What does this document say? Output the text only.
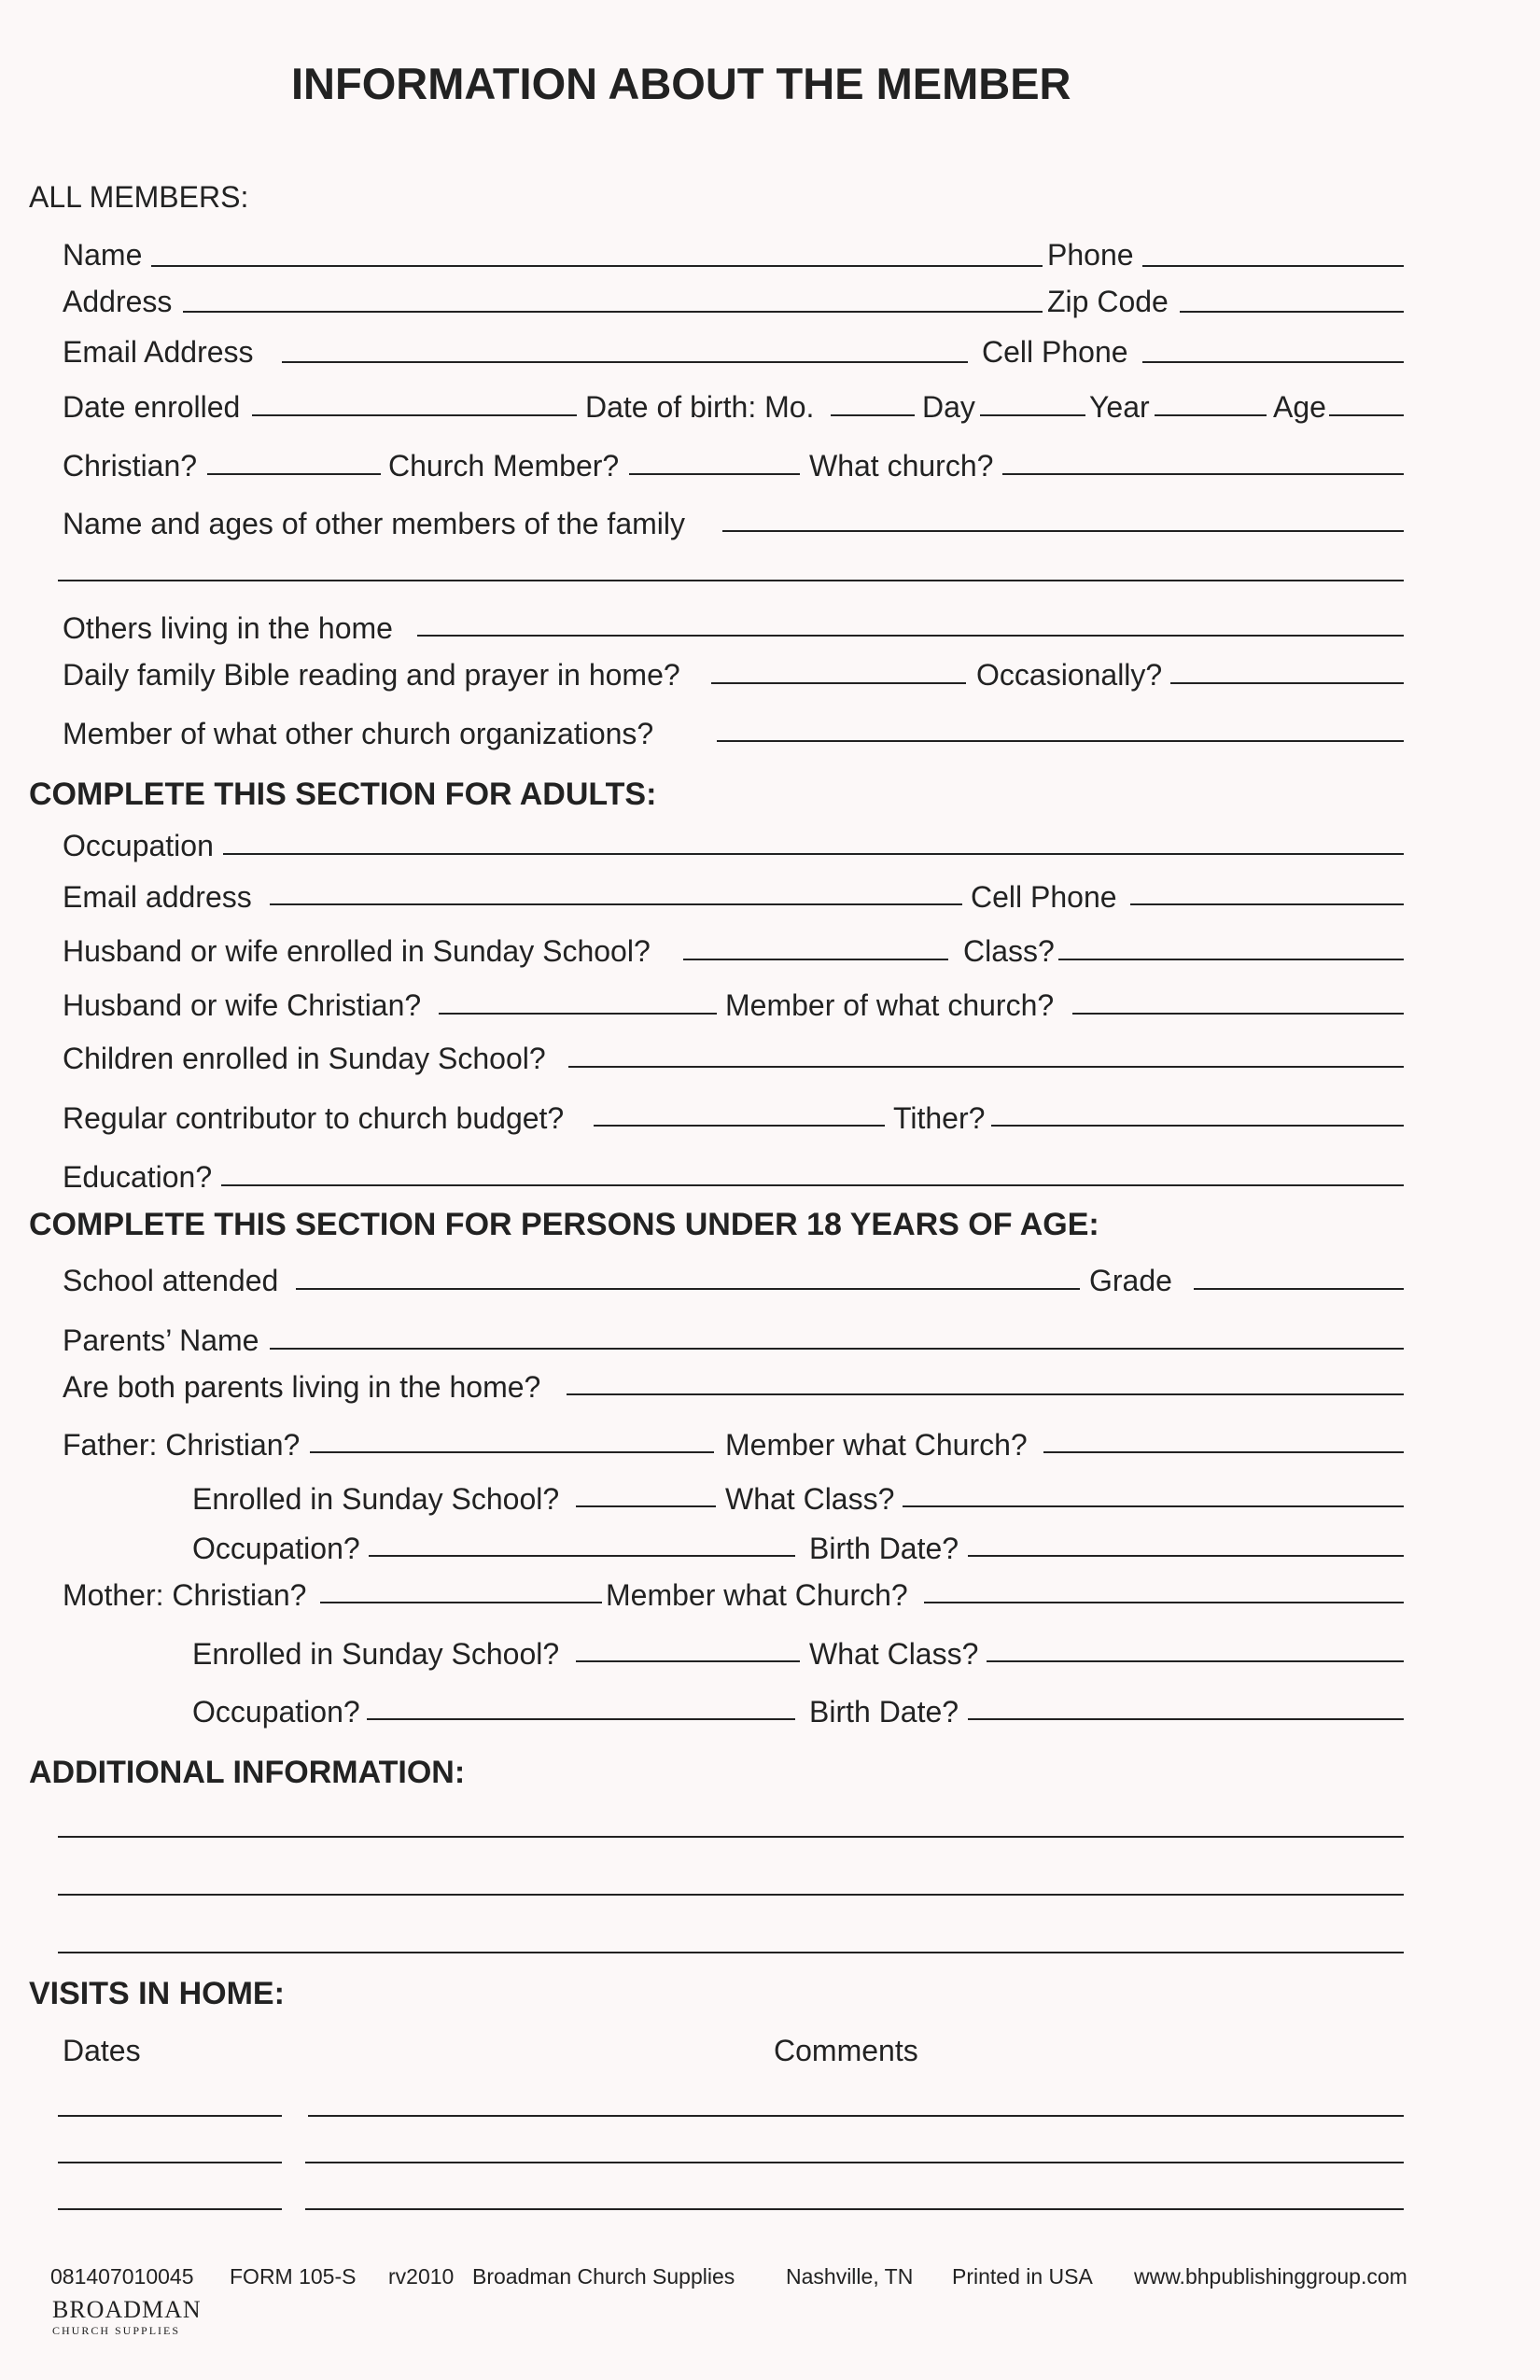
INFORMATION ABOUT THE MEMBER
ALL MEMBERS:
Name	Phone
Address	Zip Code
Email Address	Cell Phone
Date enrolled	Date of birth: Mo.	Day	Year	Age
Christian?	Church Member?	What church?
Name and ages of other members of the family
Others living in the home
Daily family Bible reading and prayer in home?	Occasionally?
Member of what other church organizations?
COMPLETE THIS SECTION FOR ADULTS:
Occupation
Email address	Cell Phone
Husband or wife enrolled in Sunday School?	Class?
Husband or wife Christian?	Member of what church?
Children enrolled in Sunday School?
Regular contributor to church budget?	Tither?
Education?
COMPLETE THIS SECTION FOR PERSONS UNDER 18 YEARS OF AGE:
School attended	Grade
Parents’ Name
Are both parents living in the home?
Father: Christian?	Member what Church?
Enrolled in Sunday School?	What Class?
Occupation?	Birth Date?
Mother: Christian?	Member what Church?
Enrolled in Sunday School?	What Class?
Occupation?	Birth Date?
ADDITIONAL INFORMATION:
VISITS IN HOME:
Dates	Comments
081407010045 FORM 105-S rv2010 Broadman Church Supplies Nashville, TN Printed in USA www.bhpublishinggroup.com
BROADMAN
CHURCH SUPPLIES
